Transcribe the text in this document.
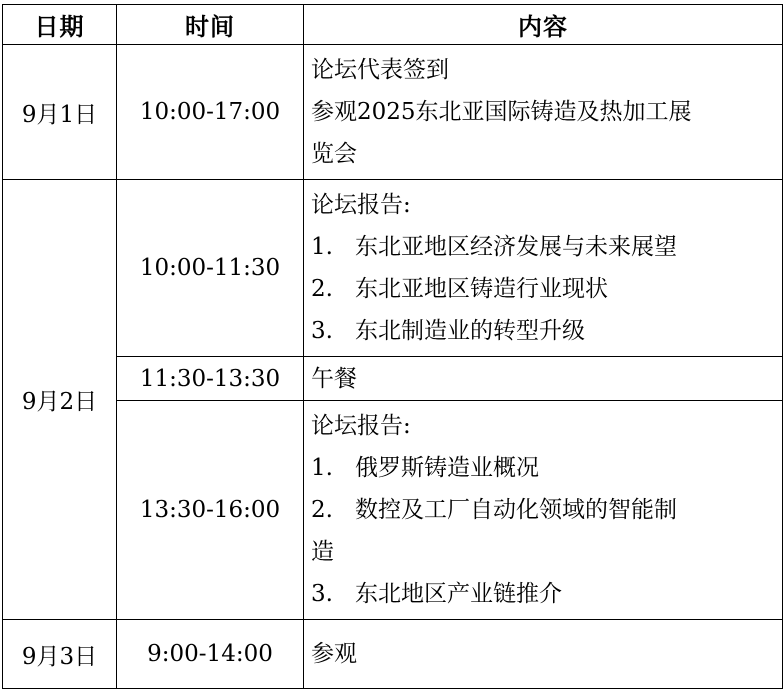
日期	时间	内容
9月1日	10:00-17:00	论坛代表签到
参观2025东北亚国际铸造及热加工展
览会

9月2日	10:00-11:30	论坛报告:
1. 东北亚地区经济发展与未来展望
2. 东北亚地区铸造行业现状
3. 东北制造业的转型升级

	11:30-13:30	午餐

	13:30-16:00	论坛报告:
1. 俄罗斯铸造业概况
2. 数控及工厂自动化领域的智能制
造
3. 东北地区产业链推介

9月3日	9:00-14:00	参观
